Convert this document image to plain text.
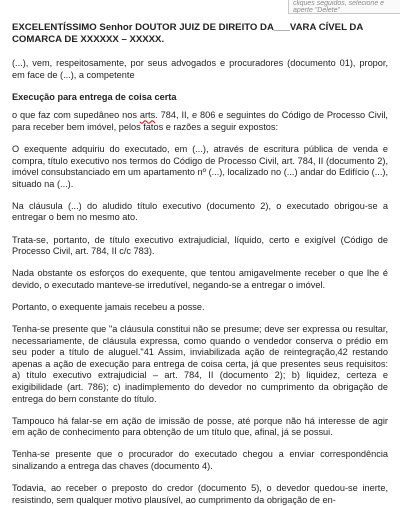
EXCELENTÍSSIMO Senhor DOUTOR JUIZ DE DIREITO DA___VARA CÍVEL DA COMARCA DE XXXXXX – XXXXX.

(...), vem, respeitosamente, por seus advogados e procuradores (documento 01), propor, em face de (...), a competente

Execução para entrega de coisa certa

o que faz com supedâneo nos arts. 784, II, e 806 e seguintes do Código de Processo Civil, para receber bem imóvel, pelos fatos e razões a seguir expostos:

O exequente adquiriu do executado, em (...), através de escritura pública de venda e compra, título executivo nos termos do Código de Processo Civil, art. 784, II (documento 2), imóvel consubstanciado em um apartamento nº (...), localizado no (...) andar do Edifício (...), situado na (...).

Na cláusula (...) do aludido título executivo (documento 2), o executado obrigou-se a entregar o bem no mesmo ato.

Trata-se, portanto, de título executivo extrajudicial, líquido, certo e exigível (Código de Processo Civil, art. 784, II c/c 783).

Nada obstante os esforços do exequente, que tentou amigavelmente receber o que lhe é devido, o executado manteve-se irredutível, negando-se a entregar o imóvel.

Portanto, o exequente jamais recebeu a posse.

Tenha-se presente que "a cláusula constitui não se presume; deve ser expressa ou resultar, necessariamente, de cláusula expressa, como quando o vendedor conserva o prédio em seu poder a título de aluguel."41 Assim, inviabilizada ação de reintegração,42 restando apenas a ação de execução para entrega de coisa certa, já que presentes seus requisitos: a) título executivo extrajudicial – art. 784, II (documento 2); b) liquidez, certeza e exigibilidade (art. 786); c) inadimplemento do devedor no cumprimento da obrigação de entrega do bem constante do título.

Tampouco há falar-se em ação de imissão de posse, até porque não há interesse de agir em ação de conhecimento para obtenção de um título que, afinal, já se possui.

Tenha-se presente que o procurador do executado chegou a enviar correspondência sinalizando a entrega das chaves (documento 4).

Todavia, ao receber o preposto do credor (documento 5), o devedor quedou-se inerte, resistindo, sem qualquer motivo plausível, ao cumprimento da obrigação de en-

cliques seguidos, selecione e
aperte "Delete"
